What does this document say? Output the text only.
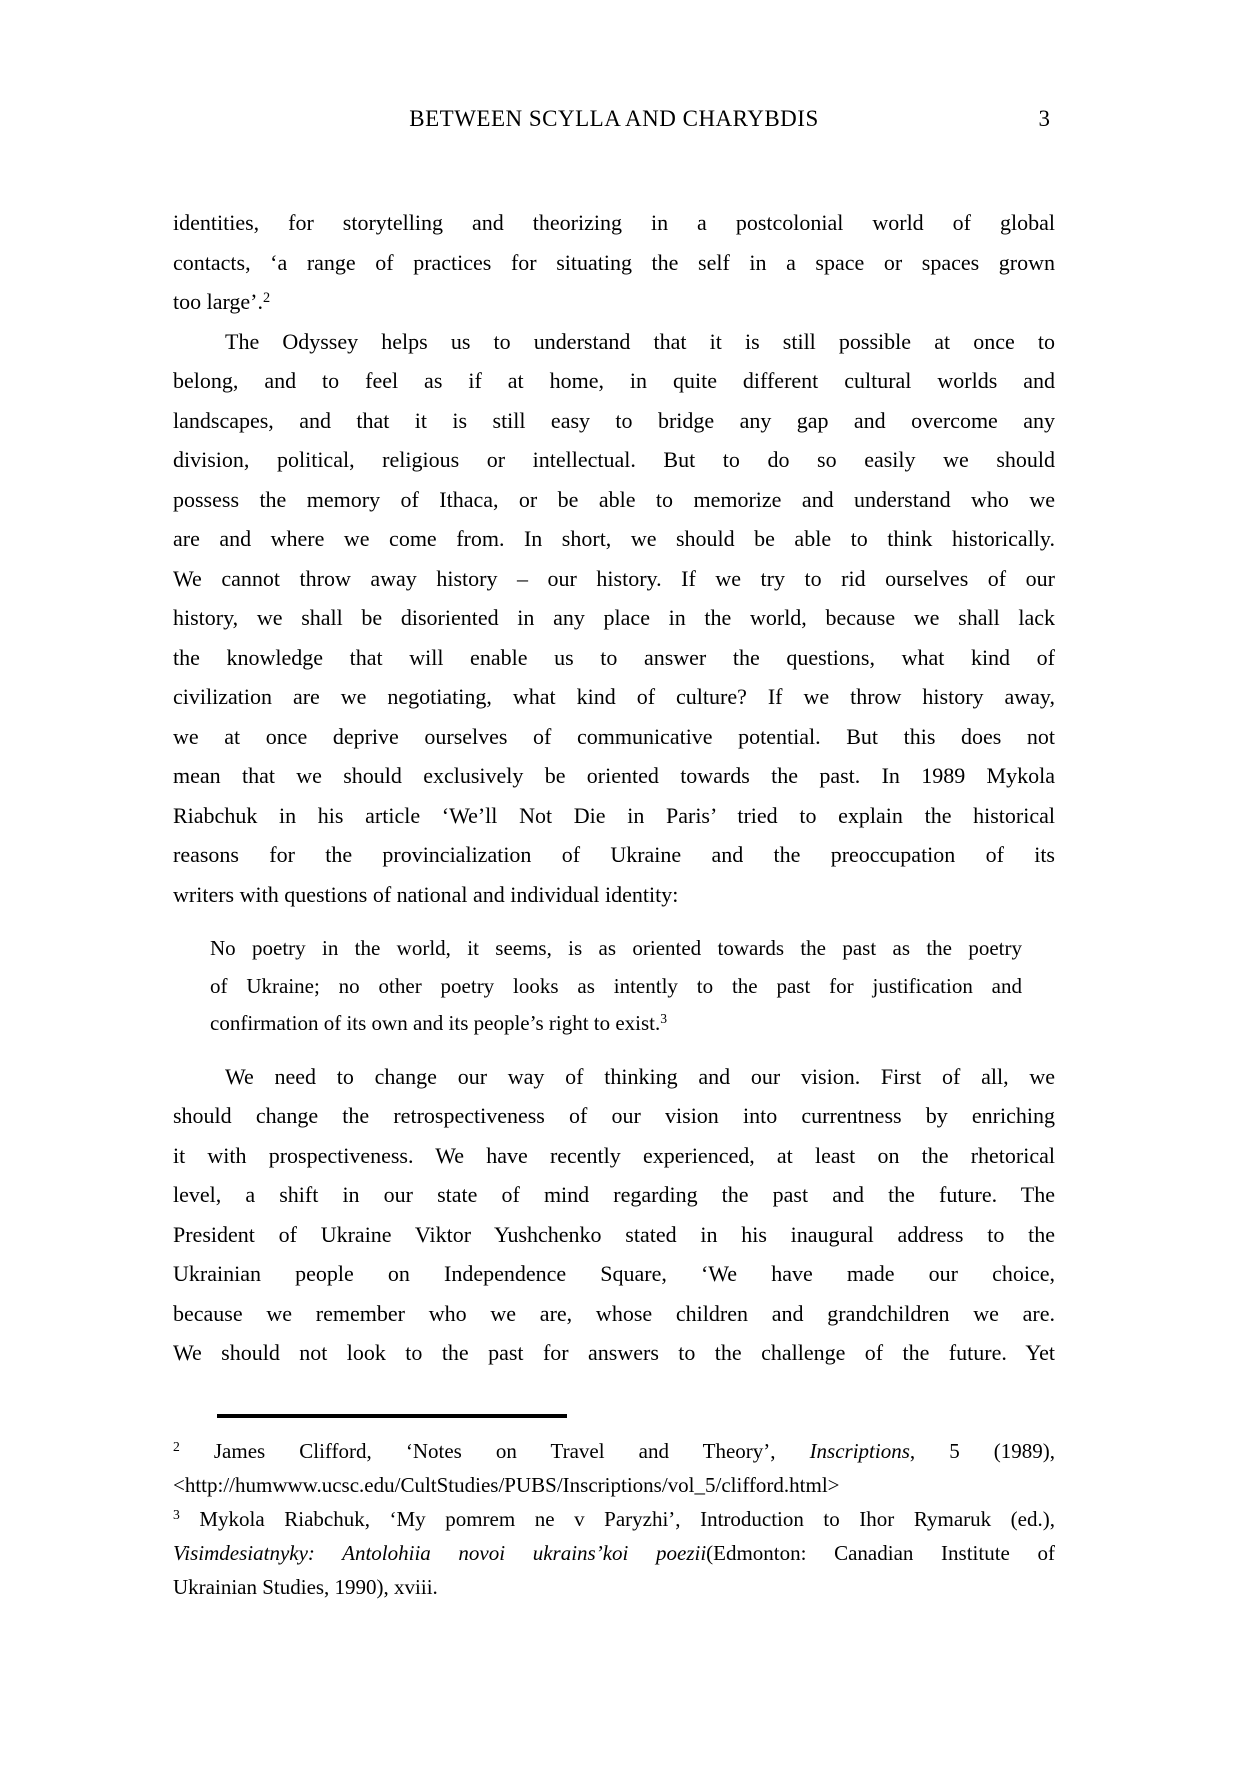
BETWEEN SCYLLA AND CHARYBDIS	3
identities, for storytelling and theorizing in a postcolonial world of global
contacts, ‘a range of practices for situating the self in a space or spaces grown
too large’.$^2$
The Odyssey helps us to understand that it is still possible at once to
belong, and to feel as if at home, in quite different cultural worlds and
landscapes, and that it is still easy to bridge any gap and overcome any
division, political, religious or intellectual. But to do so easily we should
possess the memory of Ithaca, or be able to memorize and understand who we
are and where we come from. In short, we should be able to think historically.
We cannot throw away history – our history. If we try to rid ourselves of our
history, we shall be disoriented in any place in the world, because we shall lack
the knowledge that will enable us to answer the questions, what kind of
civilization are we negotiating, what kind of culture? If we throw history away,
we at once deprive ourselves of communicative potential. But this does not
mean that we should exclusively be oriented towards the past. In 1989 Mykola
Riabchuk in his article ‘We’ll Not Die in Paris’ tried to explain the historical
reasons for the provincialization of Ukraine and the preoccupation of its
writers with questions of national and individual identity:
No poetry in the world, it seems, is as oriented towards the past as the poetry
of Ukraine; no other poetry looks as intently to the past for justification and
confirmation of its own and its people’s right to exist.$^3$
We need to change our way of thinking and our vision. First of all, we
should change the retrospectiveness of our vision into currentness by enriching
it with prospectiveness. We have recently experienced, at least on the rhetorical
level, a shift in our state of mind regarding the past and the future. The
President of Ukraine Viktor Yushchenko stated in his inaugural address to the
Ukrainian people on Independence Square, ‘We have made our choice,
because we remember who we are, whose children and grandchildren we are.
We should not look to the past for answers to the challenge of the future. Yet
$^2$ James Clifford, ‘Notes on Travel and Theory’, Inscriptions, 5 (1989),
<http://humwww.ucsc.edu/CultStudies/PUBS/Inscriptions/vol_5/clifford.html>
$^3$ Mykola Riabchuk, ‘My pomrem ne v Paryzhi’, Introduction to Ihor Rymaruk (ed.),
Visimdesiatnyky: Antolohiia novoi ukrains’koi poezii(Edmonton: Canadian Institute of
Ukrainian Studies, 1990), xviii.
